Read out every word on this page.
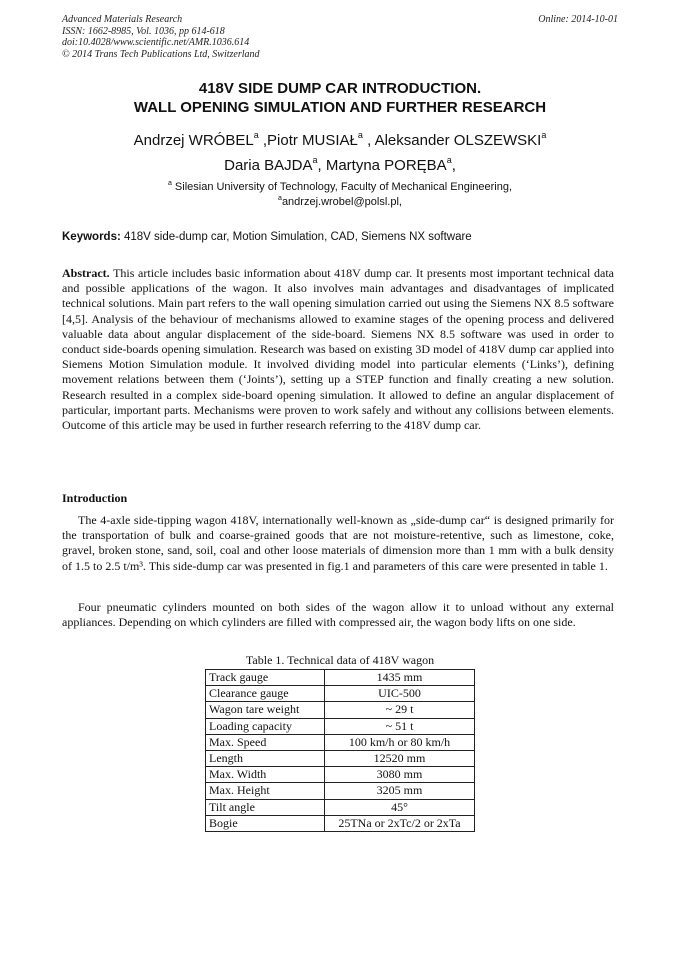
Advanced Materials Research
ISSN: 1662-8985, Vol. 1036, pp 614-618
doi:10.4028/www.scientific.net/AMR.1036.614
© 2014 Trans Tech Publications Ltd, Switzerland
Online: 2014-10-01
418V SIDE DUMP CAR INTRODUCTION.
WALL OPENING SIMULATION AND FURTHER RESEARCH
Andrzej WRÓBEL$^a$ ,Piotr MUSIAŁ$^a$ , Aleksander OLSZEWSKI$^a$
Daria BAJDA$^a$, Martyna PORĘBA$^a$,
$^a$ Silesian University of Technology, Faculty of Mechanical Engineering,
$^a$andrzej.wrobel@polsl.pl,
Keywords: 418V side-dump car, Motion Simulation, CAD, Siemens NX software

Abstract. This article includes basic information about 418V dump car. It presents most important technical data and possible applications of the wagon. It also involves main advantages and disadvantages of implicated technical solutions. Main part refers to the wall opening simulation carried out using the Siemens NX 8.5 software [4,5]. Analysis of the behaviour of mechanisms allowed to examine stages of the opening process and delivered valuable data about angular displacement of the side-board. Siemens NX 8.5 software was used in order to conduct side-boards opening simulation. Research was based on existing 3D model of 418V dump car applied into Siemens Motion Simulation module. It involved dividing model into particular elements (‘Links’), defining movement relations between them (‘Joints’), setting up a STEP function and finally creating a new solution. Research resulted in a complex side-board opening simulation. It allowed to define an angular displacement of particular, important parts. Mechanisms were proven to work safely and without any collisions between elements. Outcome of this article may be used in further research referring to the 418V dump car.

Introduction
The 4-axle side-tipping wagon 418V, internationally well-known as „side-dump car“ is designed primarily for the transportation of bulk and coarse-grained goods that are not moisture-retentive, such as limestone, coke, gravel, broken stone, sand, soil, coal and other loose materials of dimension more than 1 mm with a bulk density of 1.5 to 2.5 t/m³. This side-dump car was presented in fig.1 and parameters of this care were presented in table 1.
Four pneumatic cylinders mounted on both sides of the wagon allow it to unload without any external appliances. Depending on which cylinders are filled with compressed air, the wagon body lifts on one side.
Table 1. Technical data of 418V wagon
Track gauge	1435 mm
Clearance gauge	UIC-500
Wagon tare weight	~ 29 t
Loading capacity	~ 51 t
Max. Speed	100 km/h or 80 km/h
Length	12520 mm
Max. Width	3080 mm
Max. Height	3205 mm
Tilt angle	45°
Bogie	25TNa or 2xTc/2 or 2xTa
